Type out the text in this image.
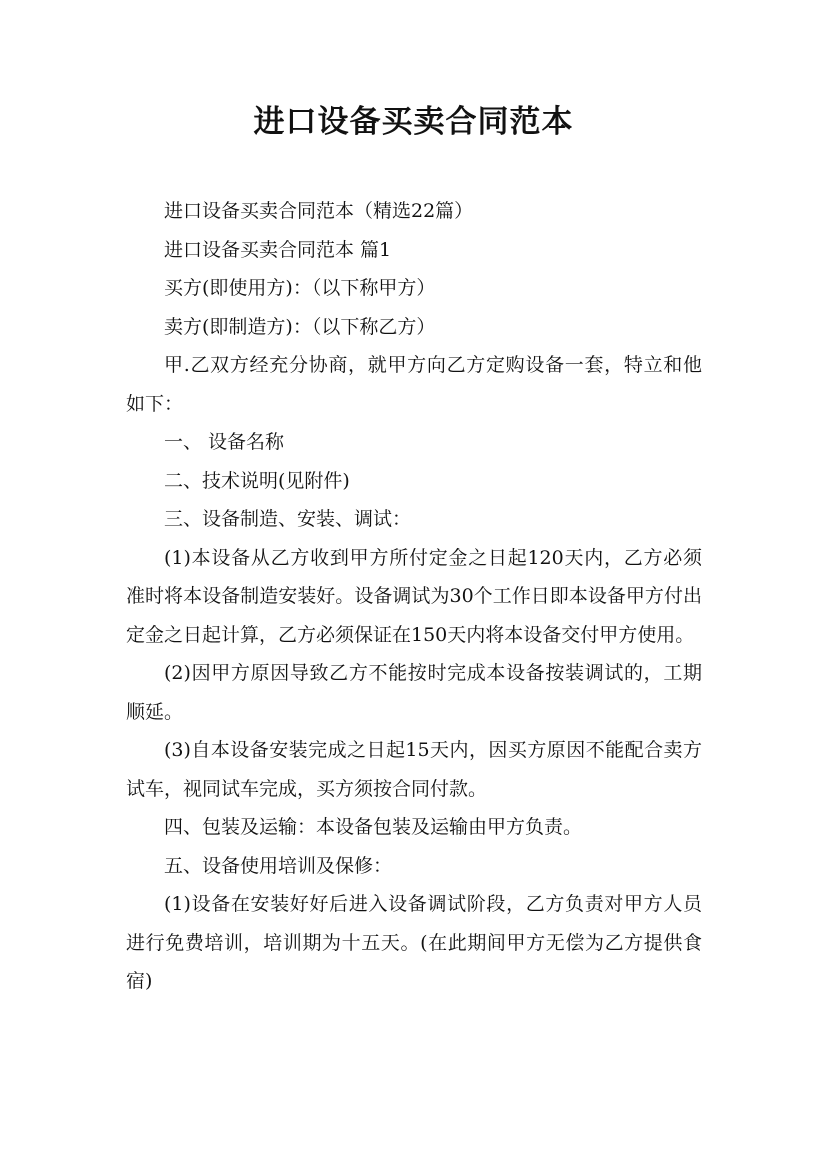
进口设备买卖合同范本

进口设备买卖合同范本（精选22篇）

进口设备买卖合同范本 篇1

买方(即使用方)：（以下称甲方）

卖方(即制造方)：（以下称乙方）

甲.乙双方经充分协商，就甲方向乙方定购设备一套，特立和他 如下：

一、 设备名称

二、技术说明(见附件)

三、设备制造、安装、调试：

(1)本设备从乙方收到甲方所付定金之日起120天内，乙方必须准时将本设备制造安装好。设备调试为30个工作日即本设备甲方付出定金之日起计算，乙方必须保证在150天内将本设备交付甲方使用。

(2)因甲方原因导致乙方不能按时完成本设备按装调试的，工期顺延。

(3)自本设备安装完成之日起15天内，因买方原因不能配合卖方试车，视同试车完成，买方须按合同付款。

四、包装及运输：本设备包装及运输由甲方负责。

五、设备使用培训及保修：

(1)设备在安装好好后进入设备调试阶段，乙方负责对甲方人员进行免费培训，培训期为十五天。(在此期间甲方无偿为乙方提供食宿)
